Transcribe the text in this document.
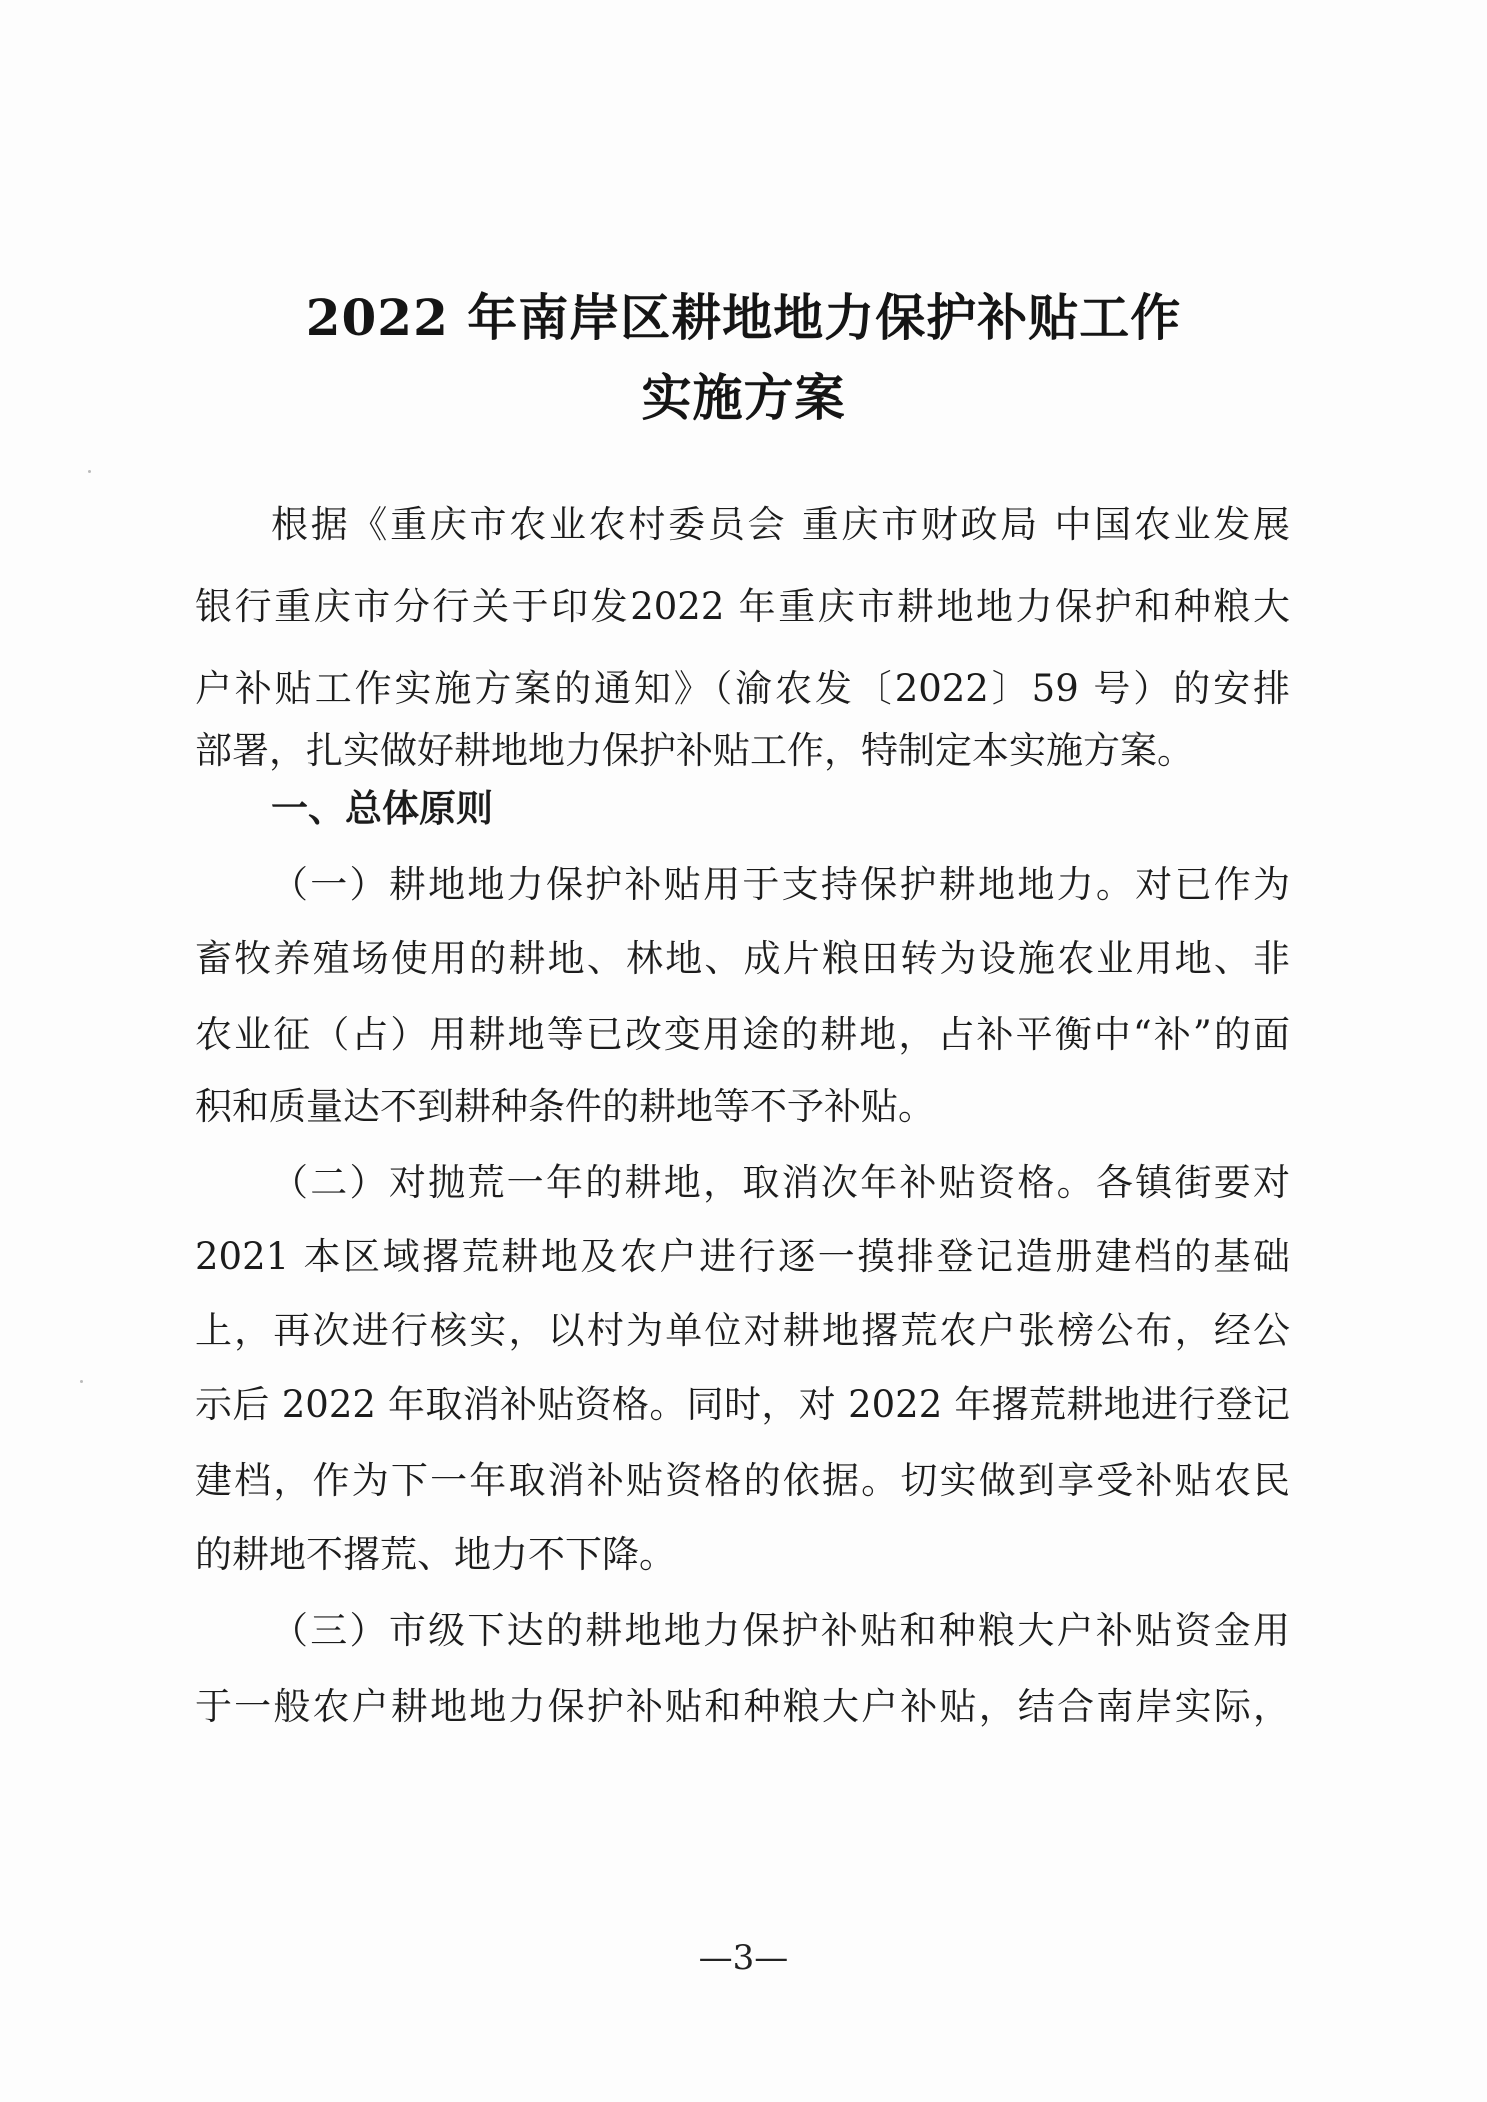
2022 年南岸区耕地地力保护补贴工作
实施方案
根据《重庆市农业农村委员会 重庆市财政局 中国农业发展
银行重庆市分行关于印发2022 年重庆市耕地地力保护和种粮大
户补贴工作实施方案的通知》（渝农发〔2022〕59 号）的安排
部署，扎实做好耕地地力保护补贴工作，特制定本实施方案。
一、总体原则
（一）耕地地力保护补贴用于支持保护耕地地力。对已作为
畜牧养殖场使用的耕地、林地、成片粮田转为设施农业用地、非
农业征（占）用耕地等已改变用途的耕地，占补平衡中“补”的面
积和质量达不到耕种条件的耕地等不予补贴。
（二）对抛荒一年的耕地，取消次年补贴资格。各镇街要对
2021 本区域撂荒耕地及农户进行逐一摸排登记造册建档的基础
上，再次进行核实，以村为单位对耕地撂荒农户张榜公布，经公
示后 2022 年取消补贴资格。同时，对 2022 年撂荒耕地进行登记
建档，作为下一年取消补贴资格的依据。切实做到享受补贴农民
的耕地不撂荒、地力不下降。
（三）市级下达的耕地地力保护补贴和种粮大户补贴资金用
于一般农户耕地地力保护补贴和种粮大户补贴，结合南岸实际，
—3—
